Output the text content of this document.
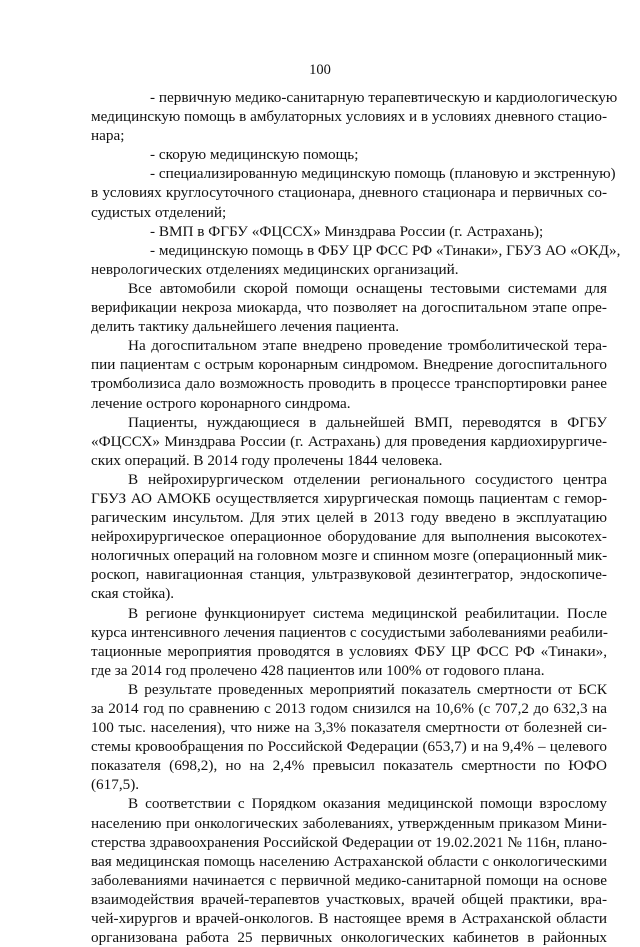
100
- первичную медико-санитарную терапевтическую и кардиологическую
медицинскую помощь в амбулаторных условиях и в условиях дневного стацио-
нара;
- скорую медицинскую помощь;
- специализированную медицинскую помощь (плановую и экстренную)
в условиях круглосуточного стационара, дневного стационара и первичных со-
судистых отделений;
- ВМП в ФГБУ «ФЦССХ» Минздрава России (г. Астрахань);
- медицинскую помощь в ФБУ ЦР ФСС РФ «Тинаки», ГБУЗ АО «ОКД»,
неврологических отделениях медицинских организаций.
Все автомобили скорой помощи оснащены тестовыми системами для
верификации некроза миокарда, что позволяет на догоспитальном этапе опре-
делить тактику дальнейшего лечения пациента.
На догоспитальном этапе внедрено проведение тромболитической тера-
пии пациентам с острым коронарным синдромом. Внедрение догоспитального
тромболизиса дало возможность проводить в процессе транспортировки ранее
лечение острого коронарного синдрома.
Пациенты, нуждающиеся в дальнейшей ВМП, переводятся в ФГБУ
«ФЦССХ» Минздрава России (г. Астрахань) для проведения кардиохирургиче-
ских операций. В 2014 году пролечены 1844 человека.
В нейрохирургическом отделении регионального сосудистого центра
ГБУЗ АО АМОКБ осуществляется хирургическая помощь пациентам с гемор-
рагическим инсультом. Для этих целей в 2013 году введено в эксплуатацию
нейрохирургическое операционное оборудование для выполнения высокотех-
нологичных операций на головном мозге и спинном мозге (операционный мик-
роскоп, навигационная станция, ультразвуковой дезинтегратор, эндоскопиче-
ская стойка).
В регионе функционирует система медицинской реабилитации. После
курса интенсивного лечения пациентов с сосудистыми заболеваниями реабили-
тационные мероприятия проводятся в условиях ФБУ ЦР ФСС РФ «Тинаки»,
где за 2014 год пролечено 428 пациентов или 100% от годового плана.
В результате проведенных мероприятий показатель смертности от БСК
за 2014 год по сравнению с 2013 годом снизился на 10,6% (с 707,2 до 632,3 на
100 тыс. населения), что ниже на 3,3% показателя смертности от болезней си-
стемы кровообращения по Российской Федерации (653,7) и на 9,4% – целевого
показателя (698,2), но на 2,4% превысил показатель смертности по ЮФО
(617,5).
В соответствии с Порядком оказания медицинской помощи взрослому
населению при онкологических заболеваниях, утвержденным приказом Мини-
стерства здравоохранения Российской Федерации от 19.02.2021 № 116н, плано-
вая медицинская помощь населению Астраханской области с онкологическими
заболеваниями начинается с первичной медико-санитарной помощи на основе
взаимодействия врачей-терапевтов участковых, врачей общей практики, вра-
чей-хирургов и врачей-онкологов. В настоящее время в Астраханской области
организована работа 25 первичных онкологических кабинетов в районных
